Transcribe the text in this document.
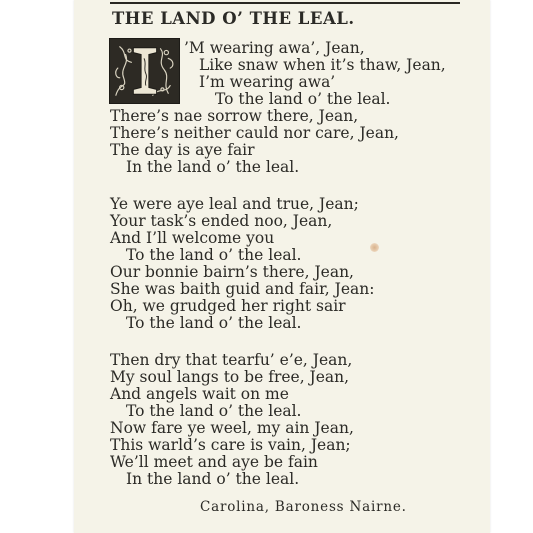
THE LAND O’ THE LEAL.
’M wearing awa’, Jean,
Like snaw when it’s thaw, Jean,
I’m wearing awa’
To the land o’ the leal.
There’s nae sorrow there, Jean,
There’s neither cauld nor care, Jean,
The day is aye fair
In the land o’ the leal.
Ye were aye leal and true, Jean;
Your task’s ended noo, Jean,
And I’ll welcome you
To the land o’ the leal.
Our bonnie bairn’s there, Jean,
She was baith guid and fair, Jean:
Oh, we grudged her right sair
To the land o’ the leal.
Then dry that tearfu’ e’e, Jean,
My soul langs to be free, Jean,
And angels wait on me
To the land o’ the leal.
Now fare ye weel, my ain Jean,
This warld’s care is vain, Jean;
We’ll meet and aye be fain
In the land o’ the leal.
Carolina, Baroness Nairne.
